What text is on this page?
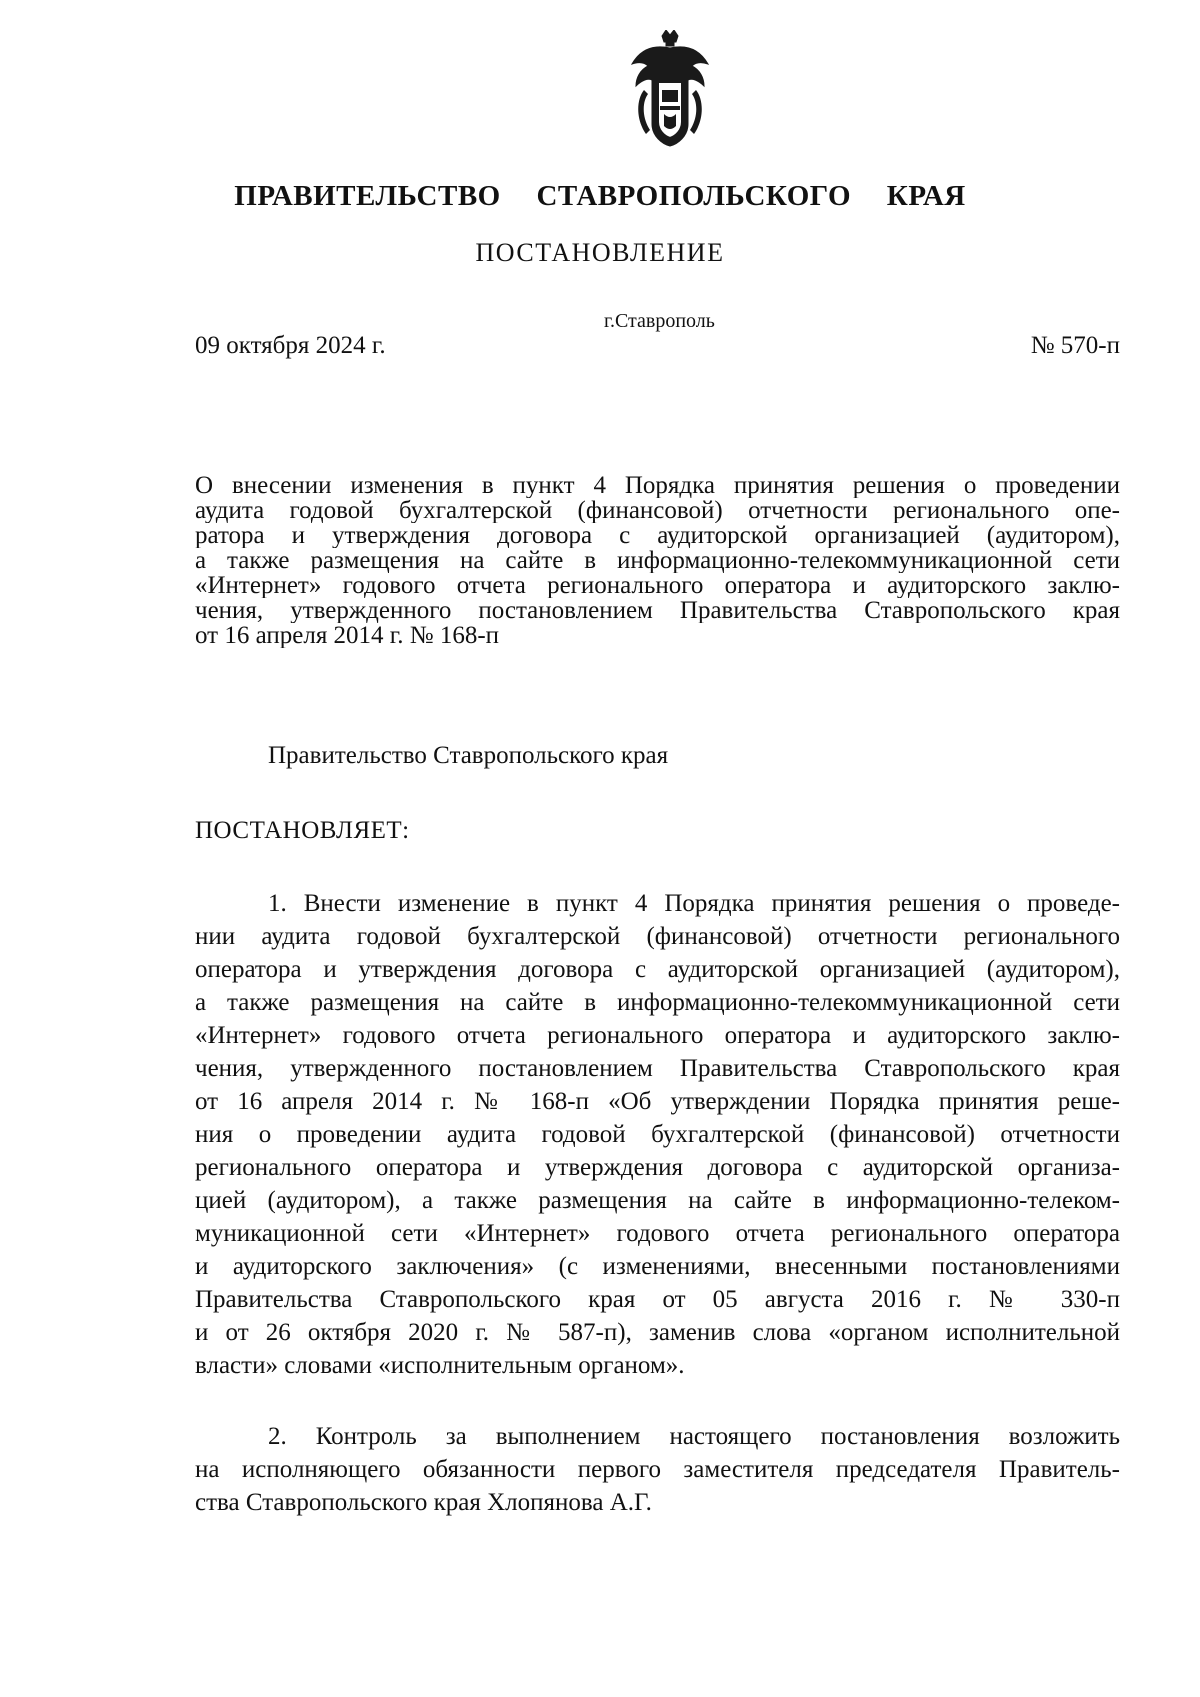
ПРАВИТЕЛЬСТВО СТАВРОПОЛЬСКОГО КРАЯ
ПОСТАНОВЛЕНИЕ
г.Ставрополь
09 октября 2024 г.	№ 570-п
О внесении изменения в пункт 4 Порядка принятия решения о проведении
аудита годовой бухгалтерской (финансовой) отчетности регионального опе-
ратора и утверждения договора с аудиторской организацией (аудитором),
а также размещения на сайте в информационно-телекоммуникационной сети
«Интернет» годового отчета регионального оператора и аудиторского заклю-
чения, утвержденного постановлением Правительства Ставропольского края
от 16 апреля 2014 г. № 168-п
Правительство Ставропольского края
ПОСТАНОВЛЯЕТ:
1. Внести изменение в пункт 4 Порядка принятия решения о проведе-
нии аудита годовой бухгалтерской (финансовой) отчетности регионального
оператора и утверждения договора с аудиторской организацией (аудитором),
а также размещения на сайте в информационно-телекоммуникационной сети
«Интернет» годового отчета регионального оператора и аудиторского заклю-
чения, утвержденного постановлением Правительства Ставропольского края
от 16 апреля 2014 г. № 168-п «Об утверждении Порядка принятия реше-
ния о проведении аудита годовой бухгалтерской (финансовой) отчетности
регионального оператора и утверждения договора с аудиторской организа-
цией (аудитором), а также размещения на сайте в информационно-телеком-
муникационной сети «Интернет» годового отчета регионального оператора
и аудиторского заключения» (с изменениями, внесенными постановлениями
Правительства Ставропольского края от 05 августа 2016 г. № 330-п
и от 26 октября 2020 г. № 587-п), заменив слова «органом исполнительной
власти» словами «исполнительным органом».
2. Контроль за выполнением настоящего постановления возложить
на исполняющего обязанности первого заместителя председателя Правитель-
ства Ставропольского края Хлопянова А.Г.
